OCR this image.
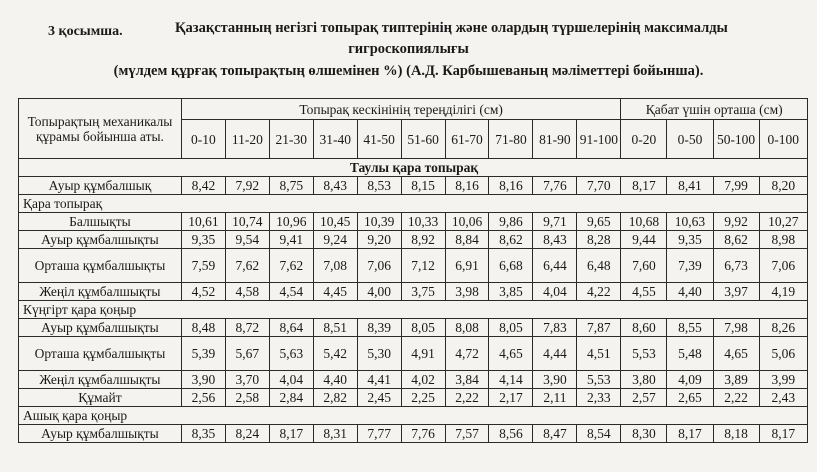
3 қосымша.	Қазақстанның негізгі топырақ типтерінің және олардың түршелерінің максималды
гигроскопиялығы
(мүлдем құрғақ топырақтың өлшемінен %) (А.Д. Карбышеваның мәліметтері бойынша).
Топырақтың механикалы құрамы бойынша аты.	Топырақ кескінінің тереңділігі (см)										Қабат үшін орташа (см)			
	0-10	11-20	21-30	31-40	41-50	51-60	61-70	71-80	81-90	91-100	0-20	0-50	50-100	0-100
Таулы қара топырақ														
Ауыр құмбалшық	8,42	7,92	8,75	8,43	8,53	8,15	8,16	8,16	7,76	7,70	8,17	8,41	7,99	8,20
Қара топырақ														
Балшықты	10,61	10,74	10,96	10,45	10,39	10,33	10,06	9,86	9,71	9,65	10,68	10,63	9,92	10,27
Ауыр құмбалшықты	9,35	9,54	9,41	9,24	9,20	8,92	8,84	8,62	8,43	8,28	9,44	9,35	8,62	8,98
Орташа құмбалшықты	7,59	7,62	7,62	7,08	7,06	7,12	6,91	6,68	6,44	6,48	7,60	7,39	6,73	7,06
Жеңіл құмбалшықты	4,52	4,58	4,54	4,45	4,00	3,75	3,98	3,85	4,04	4,22	4,55	4,40	3,97	4,19
Күңгірт қара қоңыр														
Ауыр құмбалшықты	8,48	8,72	8,64	8,51	8,39	8,05	8,08	8,05	7,83	7,87	8,60	8,55	7,98	8,26
Орташа құмбалшықты	5,39	5,67	5,63	5,42	5,30	4,91	4,72	4,65	4,44	4,51	5,53	5,48	4,65	5,06
Жеңіл құмбалшықты	3,90	3,70	4,04	4,40	4,41	4,02	3,84	4,14	3,90	5,53	3,80	4,09	3,89	3,99
Құмайт	2,56	2,58	2,84	2,82	2,45	2,25	2,22	2,17	2,11	2,33	2,57	2,65	2,22	2,43
Ашық қара қоңыр														
Ауыр құмбалшықты	8,35	8,24	8,17	8,31	7,77	7,76	7,57	8,56	8,47	8,54	8,30	8,17	8,18	8,17
